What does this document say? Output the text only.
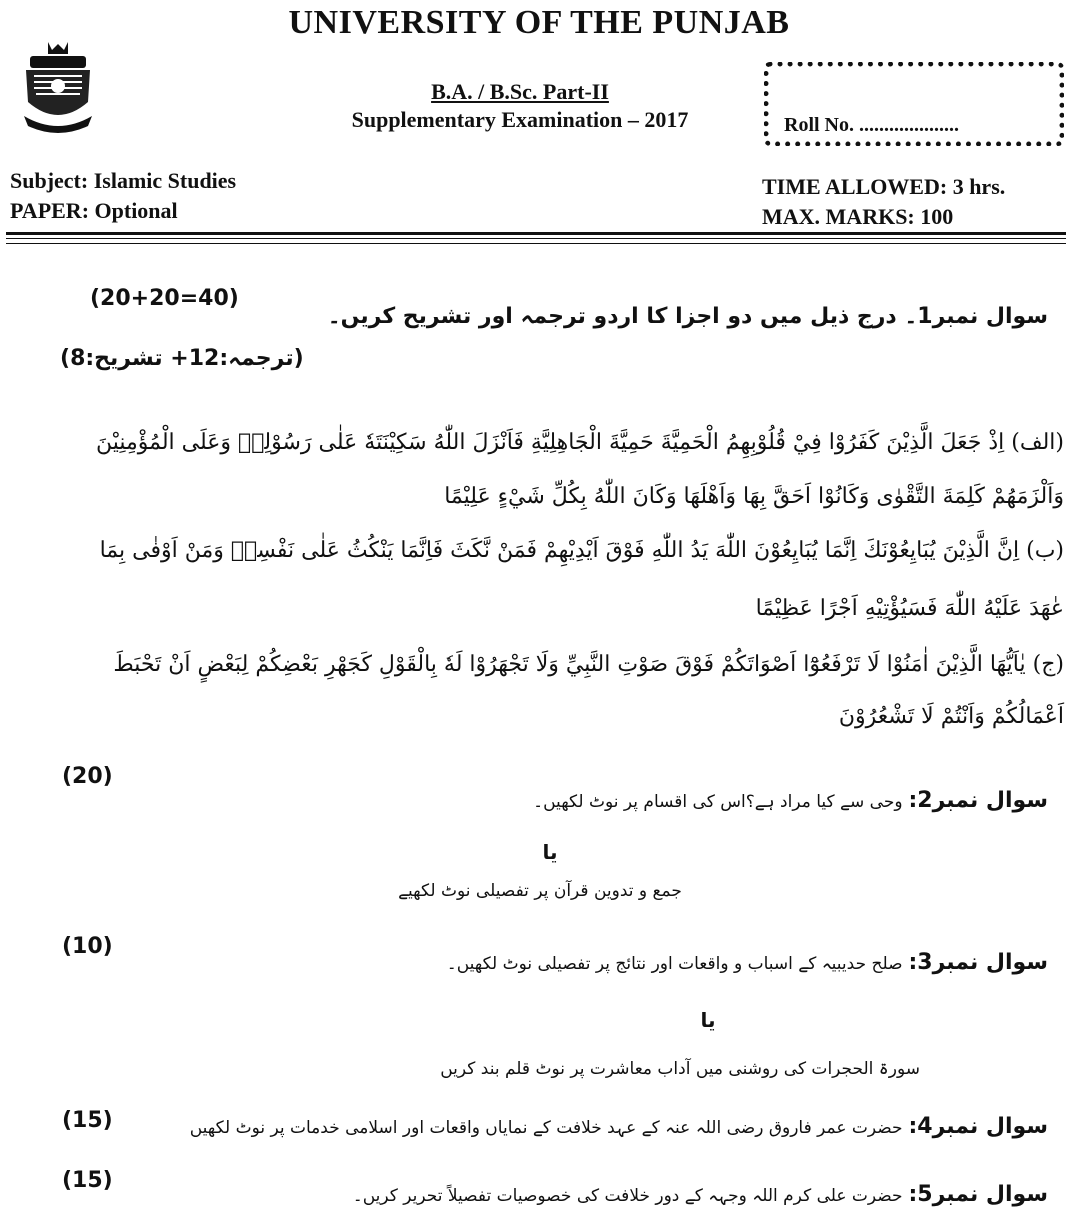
UNIVERSITY OF THE PUNJAB
B.A. / B.Sc. Part-II
Supplementary Examination – 2017	Roll No. ....................
Subject: Islamic Studies
PAPER: Optional
TIME ALLOWED: 3 hrs.
MAX. MARKS: 100
(20+20=40)
سوال نمبر1۔ درج ذیل میں دو اجزا کا اردو ترجمہ اور تشریح کریں۔
(ترجمہ:12+ تشریح:8)
(الف) اِذْ جَعَلَ الَّذِيْنَ كَفَرُوْا فِيْ قُلُوْبِهِمُ الْحَمِيَّةَ حَمِيَّةَ الْجَاهِلِيَّةِ فَاَنْزَلَ اللّٰهُ سَكِيْنَتَهٗ عَلٰى رَسُوْلِهٖ وَعَلَى الْمُؤْمِنِيْنَ
وَاَلْزَمَهُمْ كَلِمَةَ التَّقْوٰى وَكَانُوْا اَحَقَّ بِهَا وَاَهْلَهَا وَكَانَ اللّٰهُ بِكُلِّ شَيْءٍ عَلِيْمًا
(ب) اِنَّ الَّذِيْنَ يُبَايِعُوْنَكَ اِنَّمَا يُبَايِعُوْنَ اللّٰهَ يَدُ اللّٰهِ فَوْقَ اَيْدِيْهِمْ فَمَنْ نَّكَثَ فَاِنَّمَا يَنْكُثُ عَلٰى نَفْسِهٖ وَمَنْ اَوْفٰى بِمَا
عٰهَدَ عَلَيْهُ اللّٰهَ فَسَيُؤْتِيْهِ اَجْرًا عَظِيْمًا
(ج) يٰاَيُّهَا الَّذِيْنَ اٰمَنُوْا لَا تَرْفَعُوْٓا اَصْوَاتَكُمْ فَوْقَ صَوْتِ النَّبِيِّ وَلَا تَجْهَرُوْا لَهٗ بِالْقَوْلِ كَجَهْرِ بَعْضِكُمْ لِبَعْضٍ اَنْ تَحْبَطَ
اَعْمَالُكُمْ وَاَنْتُمْ لَا تَشْعُرُوْنَ
(20)
سوال نمبر2: وحی سے کیا مراد ہے؟اس کی اقسام پر نوٹ لکھیں۔
یا
جمع و تدوین قرآن پر تفصیلی نوٹ لکھیے
(10)
سوال نمبر3: صلح حدیبیہ کے اسباب و واقعات اور نتائج پر تفصیلی نوٹ لکھیں۔
یا
سورۃ الحجرات کی روشنی میں آداب معاشرت پر نوٹ قلم بند کریں
(15)	سوال نمبر4: حضرت عمر فاروق رضی اللہ عنہ کے عہد خلافت کے نمایاں واقعات اور اسلامی خدمات پر نوٹ لکھیں
(15)
سوال نمبر5: حضرت علی کرم اللہ وجہہ کے دور خلافت کی خصوصیات تفصیلاً تحریر کریں۔
